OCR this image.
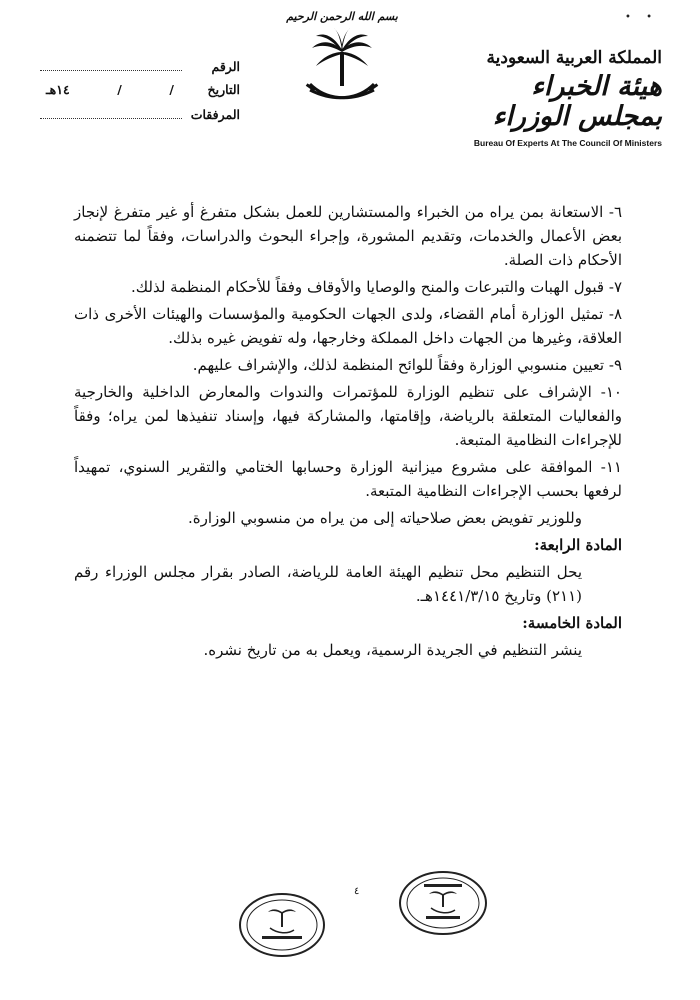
• •

المملكة العربية السعودية

هيئة الخبراء بمجلس الوزراء

Bureau Of Experts At The Council Of Ministers
بسم الله الرحمن الرحيم
الرقم
التاريخ
/
/
١٤هـ
المرفقات

٦- الاستعانة بمن يراه من الخبراء والمستشارين للعمل بشكل متفرغ أو غير متفرغ لإنجاز بعض الأعمال والخدمات، وتقديم المشورة، وإجراء البحوث والدراسات، وفقاً لما تتضمنه الأحكام ذات الصلة.

٧- قبول الهبات والتبرعات والمنح والوصايا والأوقاف وفقاً للأحكام المنظمة لذلك.

٨- تمثيل الوزارة أمام القضاء، ولدى الجهات الحكومية والمؤسسات والهيئات الأخرى ذات العلاقة، وغيرها من الجهات داخل المملكة وخارجها، وله تفويض غيره بذلك.

٩- تعيين منسوبي الوزارة وفقاً للوائح المنظمة لذلك، والإشراف عليهم.

١٠- الإشراف على تنظيم الوزارة للمؤتمرات والندوات والمعارض الداخلية والخارجية والفعاليات المتعلقة بالرياضة، وإقامتها، والمشاركة فيها، وإسناد تنفيذها لمن يراه؛ وفقاً للإجراءات النظامية المتبعة.

١١- الموافقة على مشروع ميزانية الوزارة وحسابها الختامي والتقرير السنوي، تمهيداً لرفعها بحسب الإجراءات النظامية المتبعة.

وللوزير تفويض بعض صلاحياته إلى من يراه من منسوبي الوزارة.

المادة الرابعة:

يحل التنظيم محل تنظيم الهيئة العامة للرياضة، الصادر بقرار مجلس الوزراء رقم (٢١١) وتاريخ ١٤٤١/٣/١٥هـ.

المادة الخامسة:

ينشر التنظيم في الجريدة الرسمية، ويعمل به من تاريخ نشره.

٤
